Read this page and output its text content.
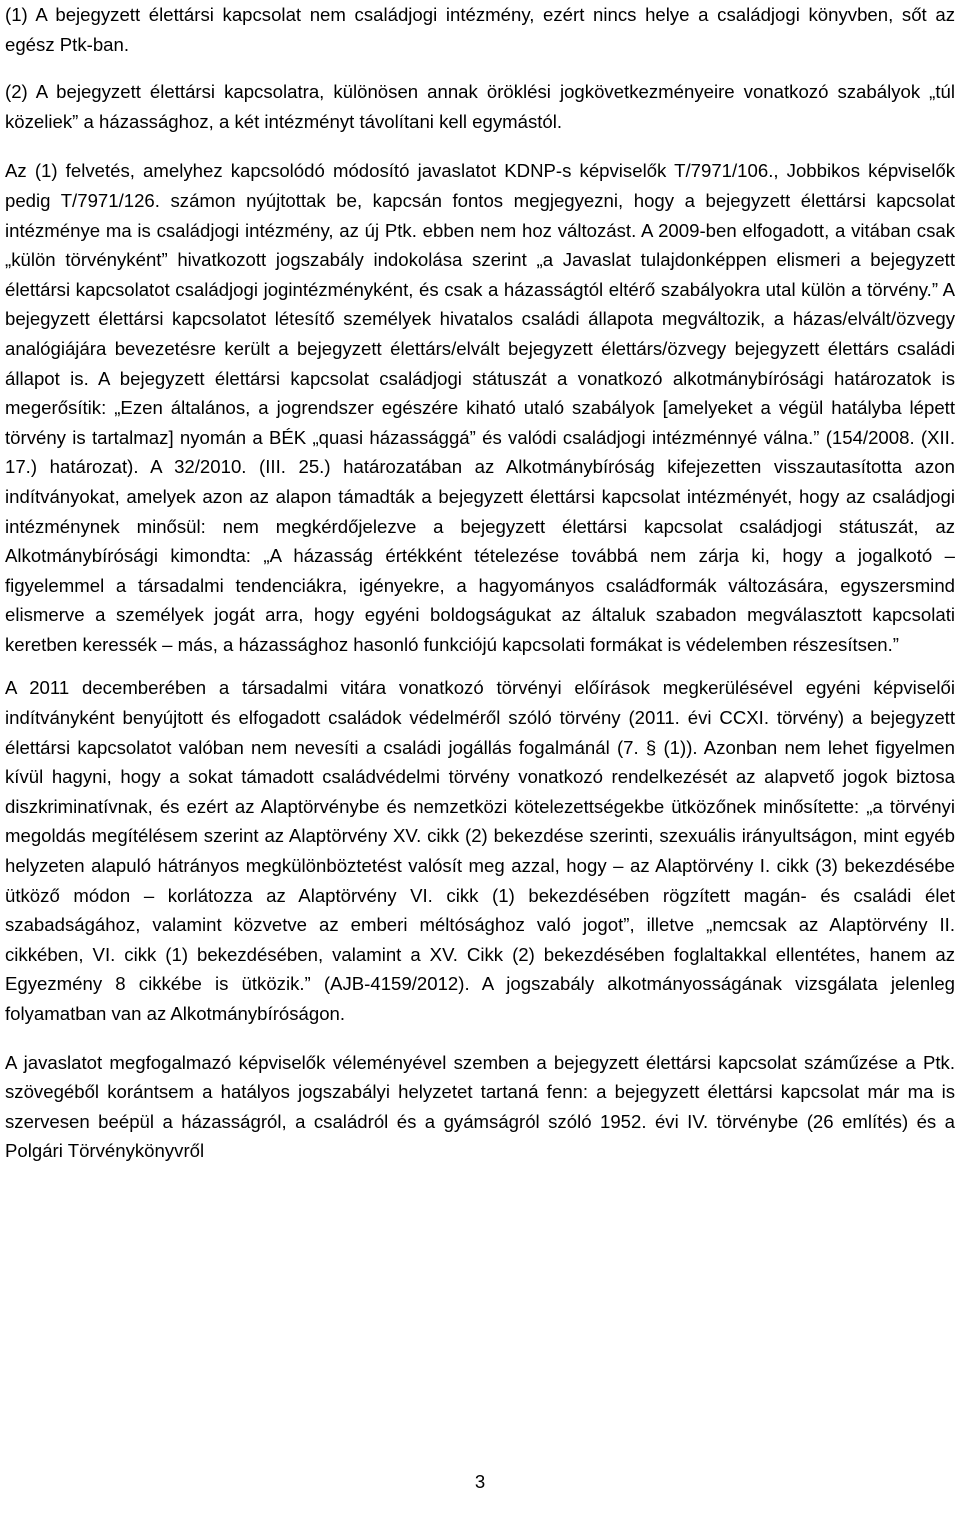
(1) A bejegyzett élettársi kapcsolat nem családjogi intézmény, ezért nincs helye a családjogi könyvben, sőt az egész Ptk-ban.

(2) A bejegyzett élettársi kapcsolatra, különösen annak öröklési jogkövetkezményeire vonatkozó szabályok „túl közeliek” a házassághoz, a két intézményt távolítani kell egymástól.

Az (1) felvetés, amelyhez kapcsolódó módosító javaslatot KDNP-s képviselők T/7971/106., Jobbikos képviselők pedig T/7971/126. számon nyújtottak be, kapcsán fontos megjegyezni, hogy a bejegyzett élettársi kapcsolat intézménye ma is családjogi intézmény, az új Ptk. ebben nem hoz változást. A 2009-ben elfogadott, a vitában csak „külön törvényként” hivatkozott jogszabály indokolása szerint „a Javaslat tulajdonképpen elismeri a bejegyzett élettársi kapcsolatot családjogi jogintézményként, és csak a házasságtól eltérő szabályokra utal külön a törvény.” A bejegyzett élettársi kapcsolatot létesítő személyek hivatalos családi állapota megváltozik, a házas/elvált/özvegy analógiájára bevezetésre került a bejegyzett élettárs/elvált bejegyzett élettárs/özvegy bejegyzett élettárs családi állapot is. A bejegyzett élettársi kapcsolat családjogi státuszát a vonatkozó alkotmánybírósági határozatok is megerősítik: „Ezen általános, a jogrendszer egészére kiható utaló szabályok [amelyeket a végül hatályba lépett törvény is tartalmaz] nyomán a BÉK „quasi házassággá” és valódi családjogi intézménnyé válna.” (154/2008. (XII. 17.) határozat). A 32/2010. (III. 25.) határozatában az Alkotmánybíróság kifejezetten visszautasította azon indítványokat, amelyek azon az alapon támadták a bejegyzett élettársi kapcsolat intézményét, hogy az családjogi intézménynek minősül: nem megkérdőjelezve a bejegyzett élettársi kapcsolat családjogi státuszát, az Alkotmánybírósági kimondta: „A házasság értékként tételezése továbbá nem zárja ki, hogy a jogalkotó – figyelemmel a társadalmi tendenciákra, igényekre, a hagyományos családformák változására, egyszersmind elismerve a személyek jogát arra, hogy egyéni boldogságukat az általuk szabadon megválasztott kapcsolati keretben keressék – más, a házassághoz hasonló funkciójú kapcsolati formákat is védelemben részesítsen.”

A 2011 decemberében a társadalmi vitára vonatkozó törvényi előírások megkerülésével egyéni képviselői indítványként benyújtott és elfogadott családok védelméről szóló törvény (2011. évi CCXI. törvény) a bejegyzett élettársi kapcsolatot valóban nem nevesíti a családi jogállás fogalmánál (7. § (1)). Azonban nem lehet figyelmen kívül hagyni, hogy a sokat támadott családvédelmi törvény vonatkozó rendelkezését az alapvető jogok biztosa diszkriminatívnak, és ezért az Alaptörvénybe és nemzetközi kötelezettségekbe ütközőnek minősítette: „a törvényi megoldás megítélésem szerint az Alaptörvény XV. cikk (2) bekezdése szerinti, szexuális irányultságon, mint egyéb helyzeten alapuló hátrányos megkülönböztetést valósít meg azzal, hogy – az Alaptörvény I. cikk (3) bekezdésébe ütköző módon – korlátozza az Alaptörvény VI. cikk (1) bekezdésében rögzített magán- és családi élet szabadságához, valamint közvetve az emberi méltósághoz való jogot”, illetve „nemcsak az Alaptörvény II. cikkében, VI. cikk (1) bekezdésében, valamint a XV. Cikk (2) bekezdésében foglaltakkal ellentétes, hanem az Egyezmény 8 cikkébe is ütközik.” (AJB-4159/2012). A jogszabály alkotmányosságának vizsgálata jelenleg folyamatban van az Alkotmánybíróságon.

A javaslatot megfogalmazó képviselők véleményével szemben a bejegyzett élettársi kapcsolat száműzése a Ptk. szövegéből korántsem a hatályos jogszabályi helyzetet tartaná fenn: a bejegyzett élettársi kapcsolat már ma is szervesen beépül a házasságról, a családról és a gyámságról szóló 1952. évi IV. törvénybe (26 említés) és a Polgári Törvénykönyvről

3
